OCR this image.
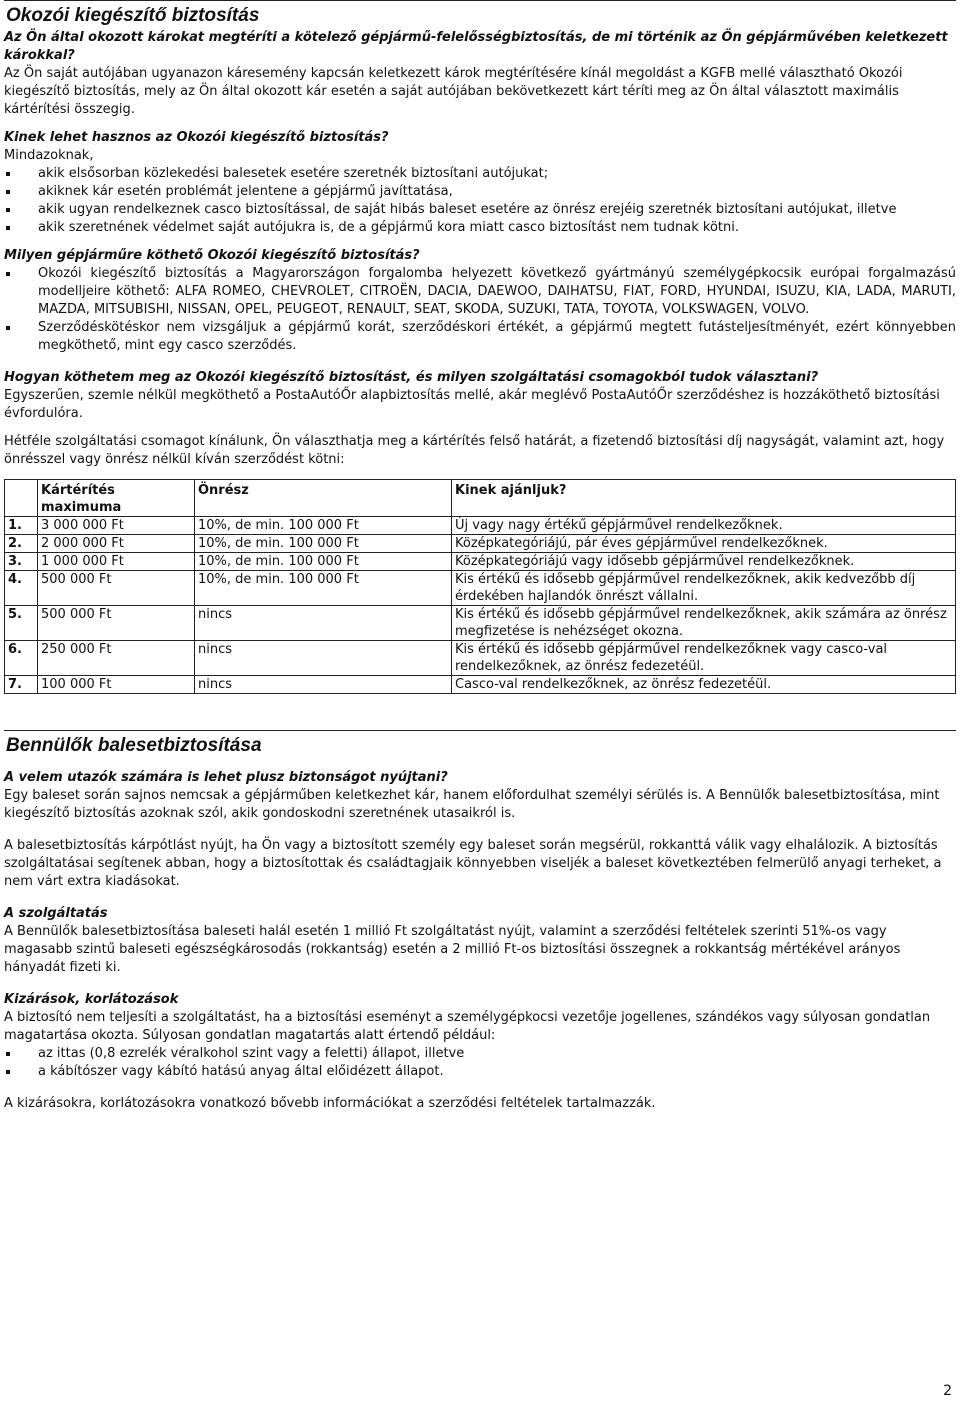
Okozói kiegészítő biztosítás

Az Ön által okozott károkat megtéríti a kötelező gépjármű-felelősségbiztosítás, de mi történik az Ön gépjárművében keletkezett károkkal?

Az Ön saját autójában ugyanazon káresemény kapcsán keletkezett károk megtérítésére kínál megoldást a KGFB mellé választható Okozói kiegészítő biztosítás, mely az Ön által okozott kár esetén a saját autójában bekövetkezett kárt téríti meg az Ön által választott maximális kártérítési összegig.

Kinek lehet hasznos az Okozói kiegészítő biztosítás?

Mindazoknak,

akik elsősorban közlekedési balesetek esetére szeretnék biztosítani autójukat;
akiknek kár esetén problémát jelentene a gépjármű javíttatása,
akik ugyan rendelkeznek casco biztosítással, de saját hibás baleset esetére az önrész erejéig szeretnék biztosítani autójukat, illetve
akik szeretnének védelmet saját autójukra is, de a gépjármű kora miatt casco biztosítást nem tudnak kötni.

Milyen gépjárműre köthető Okozói kiegészítő biztosítás?

Okozói kiegészítő biztosítás a Magyarországon forgalomba helyezett következő gyártmányú személygépkocsik európai forgalmazású modelljeire köthető: ALFA ROMEO, CHEVROLET, CITROËN, DACIA, DAEWOO, DAIHATSU, FIAT, FORD, HYUNDAI, ISUZU, KIA, LADA, MARUTI, MAZDA, MITSUBISHI, NISSAN, OPEL, PEUGEOT, RENAULT, SEAT, SKODA, SUZUKI, TATA, TOYOTA, VOLKSWAGEN, VOLVO.
Szerződéskötéskor nem vizsgáljuk a gépjármű korát, szerződéskori értékét, a gépjármű megtett futásteljesítményét, ezért könnyebben megköthető, mint egy casco szerződés.

Hogyan köthetem meg az Okozói kiegészítő biztosítást, és milyen szolgáltatási csomagokból tudok választani?

Egyszerűen, szemle nélkül megköthető a PostaAutóŐr alapbiztosítás mellé, akár meglévő PostaAutóŐr szerződéshez is hozzáköthető biztosítási évfordulóra.

Hétféle szolgáltatási csomagot kínálunk, Ön választhatja meg a kártérítés felső határát, a fizetendő biztosítási díj nagyságát, valamint azt, hogy önrésszel vagy önrész nélkül kíván szerződést kötni:

	Kártérítés maximuma	Önrész	Kinek ajánljuk?
1.	3 000 000 Ft	10%, de min. 100 000 Ft	Új vagy nagy értékű gépjárművel rendelkezőknek.
2.	2 000 000 Ft	10%, de min. 100 000 Ft	Középkategóriájú, pár éves gépjárművel rendelkezőknek.
3.	1 000 000 Ft	10%, de min. 100 000 Ft	Középkategóriájú vagy idősebb gépjárművel rendelkezőknek.
4.	500 000 Ft	10%, de min. 100 000 Ft	Kis értékű és idősebb gépjárművel rendelkezőknek, akik kedvezőbb díj érdekében hajlandók önrészt vállalni.
5.	500 000 Ft	nincs	Kis értékű és idősebb gépjárművel rendelkezőknek, akik számára az önrész megfizetése is nehézséget okozna.
6.	250 000 Ft	nincs	Kis értékű és idősebb gépjárművel rendelkezőknek vagy casco-val rendelkezőknek, az önrész fedezetéül.
7.	100 000 Ft	nincs	Casco-val rendelkezőknek, az önrész fedezetéül.
Bennülők balesetbiztosítása

A velem utazók számára is lehet plusz biztonságot nyújtani?

Egy baleset során sajnos nemcsak a gépjárműben keletkezhet kár, hanem előfordulhat személyi sérülés is. A Bennülők balesetbiztosítása, mint kiegészítő biztosítás azoknak szól, akik gondoskodni szeretnének utasaikról is.

A balesetbiztosítás kárpótlást nyújt, ha Ön vagy a biztosított személy egy baleset során megsérül, rokkanttá válik vagy elhalálozik. A biztosítás szolgáltatásai segítenek abban, hogy a biztosítottak és családtagjaik könnyebben viseljék a baleset következtében felmerülő anyagi terheket, a nem várt extra kiadásokat.

A szolgáltatás

A Bennülők balesetbiztosítása baleseti halál esetén 1 millió Ft szolgáltatást nyújt, valamint a szerződési feltételek szerinti 51%-os vagy magasabb szintű baleseti egészségkárosodás (rokkantság) esetén a 2 millió Ft-os biztosítási összegnek a rokkantság mértékével arányos hányadát fizeti ki.

Kizárások, korlátozások

A biztosító nem teljesíti a szolgáltatást, ha a biztosítási eseményt a személygépkocsi vezetője jogellenes, szándékos vagy súlyosan gondatlan magatartása okozta. Súlyosan gondatlan magatartás alatt értendő például:

az ittas (0,8 ezrelék véralkohol szint vagy a feletti) állapot, illetve
a kábítószer vagy kábító hatású anyag által előidézett állapot.

A kizárásokra, korlátozásokra vonatkozó bővebb információkat a szerződési feltételek tartalmazzák.

2
